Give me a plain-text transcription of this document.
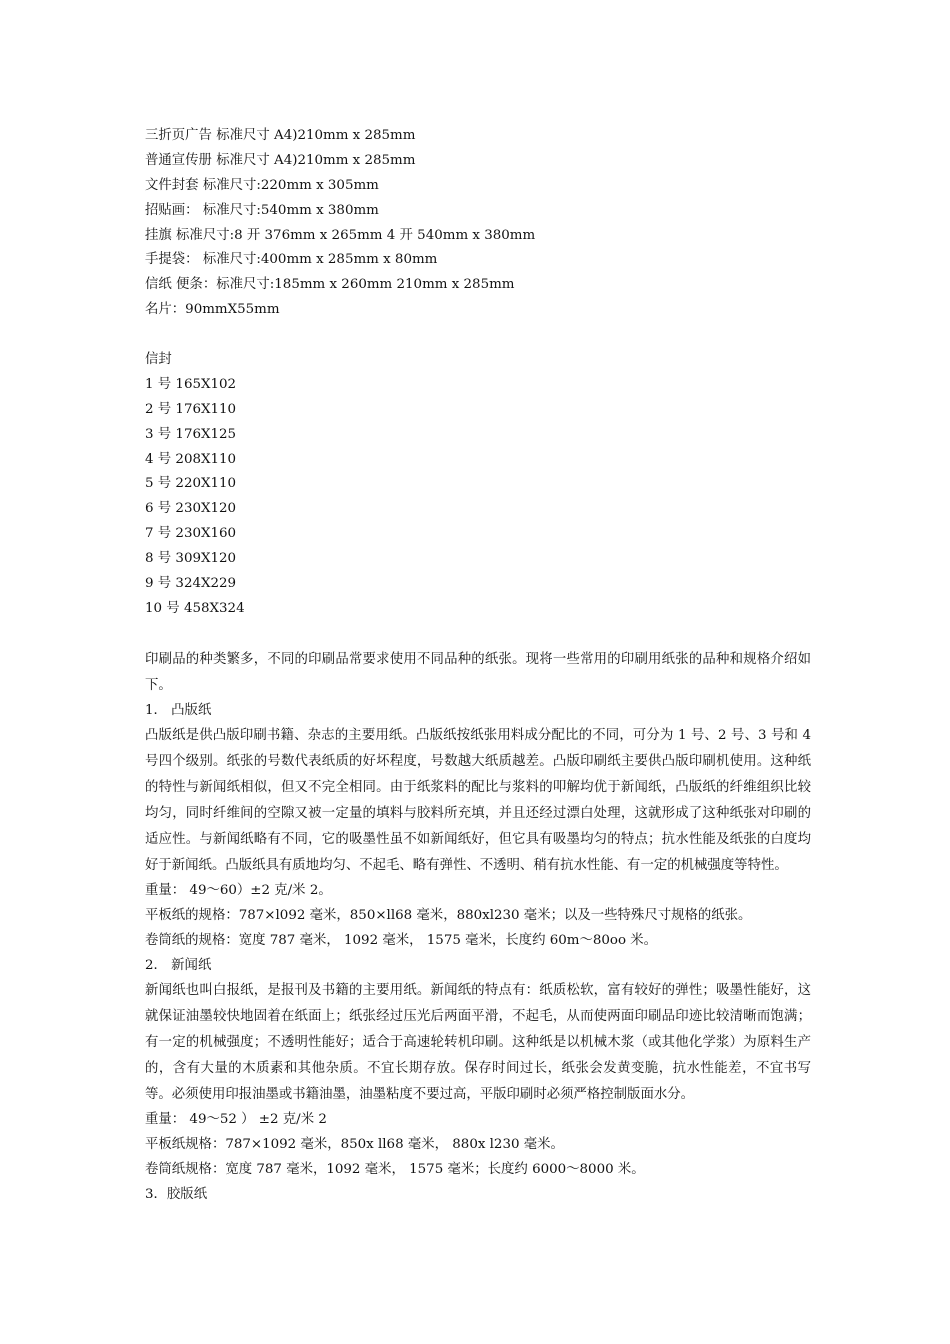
三折页广告 标准尺寸 A4)210mm x 285mm
普通宣传册 标准尺寸 A4)210mm x 285mm
文件封套 标准尺寸:220mm x 305mm
招贴画： 标准尺寸:540mm x 380mm
挂旗 标准尺寸:8 开 376mm x 265mm 4 开 540mm x 380mm
手提袋： 标准尺寸:400mm x 285mm x 80mm
信纸 便条：标准尺寸:185mm x 260mm 210mm x 285mm
名片：90mmX55mm
信封
1 号 165X102
2 号 176X110
3 号 176X125
4 号 208X110
5 号 220X110
6 号 230X120
7 号 230X160
8 号 309X120
9 号 324X229
10 号 458X324

印刷品的种类繁多，不同的印刷品常要求使用不同品种的纸张。现将一些常用的印刷用纸张的品种和规格介绍如下。

1． 凸版纸

凸版纸是供凸版印刷书籍、杂志的主要用纸。凸版纸按纸张用料成分配比的不同，可分为 1 号、2 号、3 号和 4 号四个级别。纸张的号数代表纸质的好坏程度，号数越大纸质越差。凸版印刷纸主要供凸版印刷机使用。这种纸的特性与新闻纸相似，但又不完全相同。由于纸浆料的配比与浆料的叩解均优于新闻纸，凸版纸的纤维组织比较均匀，同时纤维间的空隙又被一定量的填料与胶料所充填，并且还经过漂白处理，这就形成了这种纸张对印刷的适应性。与新闻纸略有不同，它的吸墨性虽不如新闻纸好，但它具有吸墨均匀的特点；抗水性能及纸张的白度均好于新闻纸。凸版纸具有质地均匀、不起毛、略有弹性、不透明、稍有抗水性能、有一定的机械强度等特性。

重量： 49～60）±2 克/米 2。
平板纸的规格：787×l092 毫米，850×ll68 毫米，880xl230 毫米；以及一些特殊尺寸规格的纸张。
卷筒纸的规格：宽度 787 毫米， 1092 毫米， 1575 毫米，长度约 60m～80oo 米。
2． 新闻纸

新闻纸也叫白报纸，是报刊及书籍的主要用纸。新闻纸的特点有：纸质松软，富有较好的弹性；吸墨性能好，这就保证油墨较快地固着在纸面上；纸张经过压光后两面平滑，不起毛，从而使两面印刷品印迹比较清晰而饱满；有一定的机械强度；不透明性能好；适合于高速轮转机印刷。这种纸是以机械木浆（或其他化学浆）为原料生产的，含有大量的木质素和其他杂质。不宜长期存放。保存时间过长，纸张会发黄变脆，抗水性能差，不宜书写等。必须使用印报油墨或书籍油墨，油墨粘度不要过高，平版印刷时必须严格控制版面水分。

重量： 49～52 ） ±2 克/米 2
平板纸规格：787×1092 毫米，850x ll68 毫米， 880x l230 毫米。
卷筒纸规格：宽度 787 毫米，1092 毫米， 1575 毫米；长度约 6000～8000 米。
3．胶版纸
